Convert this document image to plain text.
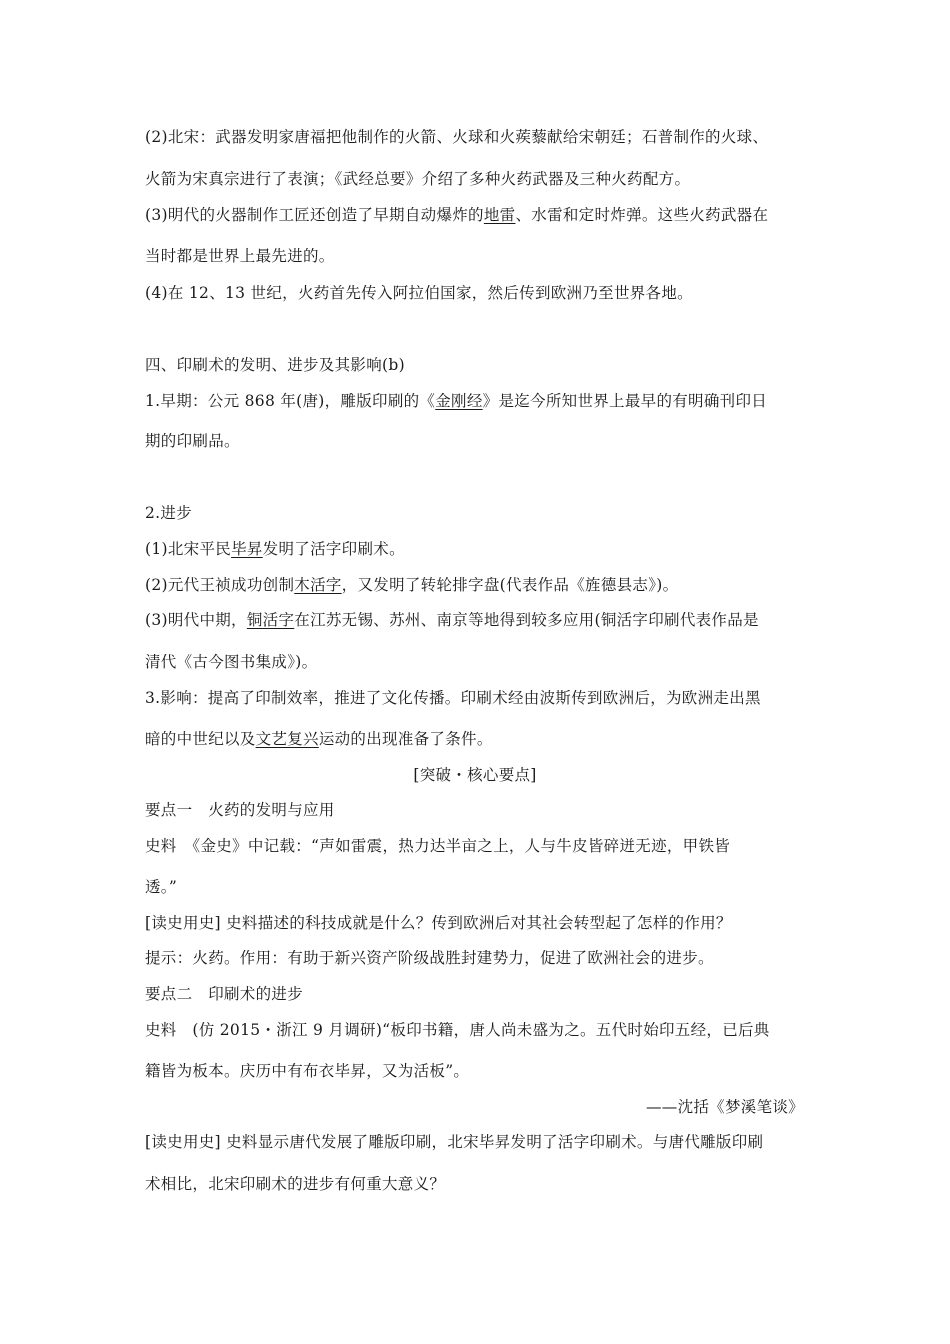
(2)北宋：武器发明家唐福把他制作的火箭、火球和火蒺藜献给宋朝廷；石普制作的火球、
火箭为宋真宗进行了表演；《武经总要》介绍了多种火药武器及三种火药配方。
(3)明代的火器制作工匠还创造了早期自动爆炸的地雷、水雷和定时炸弹。这些火药武器在
当时都是世界上最先进的。
(4)在 12、13 世纪，火药首先传入阿拉伯国家，然后传到欧洲乃至世界各地。
四、印刷术的发明、进步及其影响(b)
1.早期：公元 868 年(唐)，雕版印刷的《金刚经》是迄今所知世界上最早的有明确刊印日
期的印刷品。
2.进步
(1)北宋平民毕昇发明了活字印刷术。
(2)元代王祯成功创制木活字，又发明了转轮排字盘(代表作品《旌德县志》)。
(3)明代中期，铜活字在江苏无锡、苏州、南京等地得到较多应用(铜活字印刷代表作品是
清代《古今图书集成》)。
3.影响：提高了印制效率，推进了文化传播。印刷术经由波斯传到欧洲后，为欧洲走出黑
暗的中世纪以及文艺复兴运动的出现准备了条件。
[突破・核心要点]
要点一　火药的发明与应用
史料　《金史》中记载：“声如雷震，热力达半亩之上，人与牛皮皆碎迸无迹，甲铁皆
透。”
[读史用史] 史料描述的科技成就是什么？传到欧洲后对其社会转型起了怎样的作用？
提示：火药。作用：有助于新兴资产阶级战胜封建势力，促进了欧洲社会的进步。
要点二　印刷术的进步
史料　(仿 2015・浙江 9 月调研)“板印书籍，唐人尚未盛为之。五代时始印五经，已后典
籍皆为板本。庆历中有布衣毕昇，又为活板”。
——沈括《梦溪笔谈》
[读史用史] 史料显示唐代发展了雕版印刷，北宋毕昇发明了活字印刷术。与唐代雕版印刷
术相比，北宋印刷术的进步有何重大意义？
